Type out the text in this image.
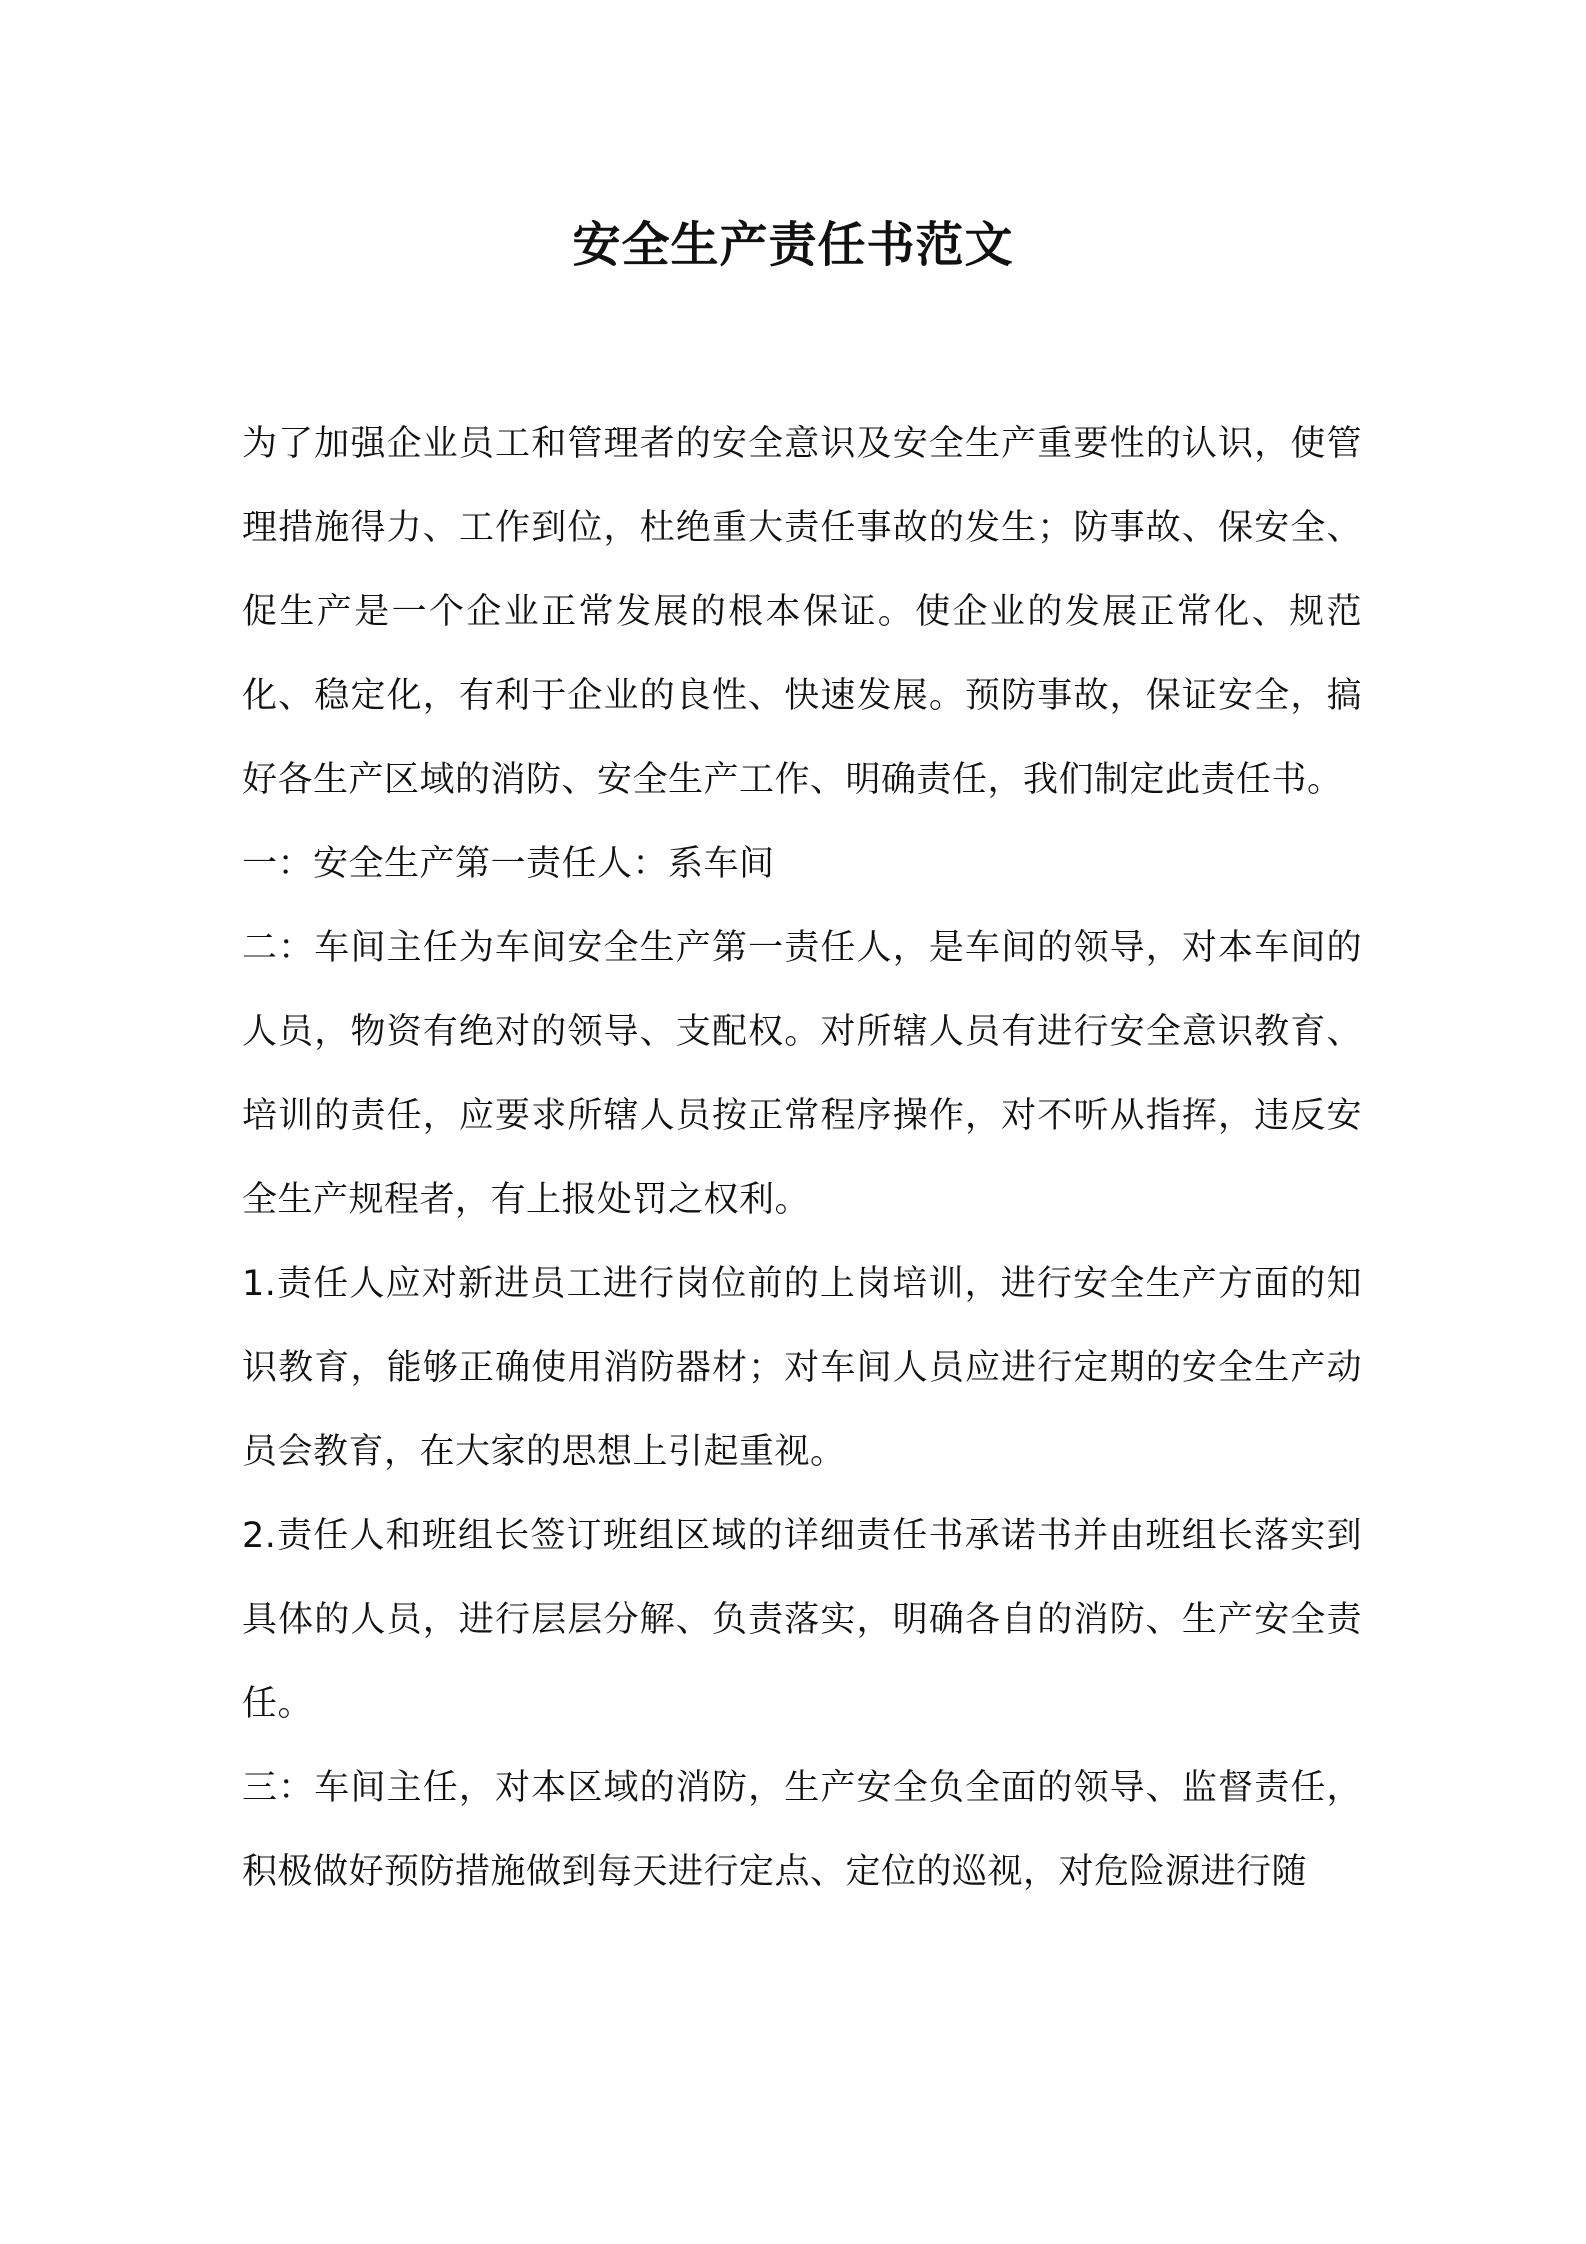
安全生产责任书范文

为了加强企业员工和管理者的安全意识及安全生产重要性的认识，使管理措施得力、工作到位，杜绝重大责任事故的发生；防事故、保安全、促生产是一个企业正常发展的根本保证。使企业的发展正常化、规范化、稳定化，有利于企业的良性、快速发展。预防事故，保证安全，搞好各生产区域的消防、安全生产工作、明确责任，我们制定此责任书。

一：安全生产第一责任人：系车间

二：车间主任为车间安全生产第一责任人，是车间的领导，对本车间的人员，物资有绝对的领导、支配权。对所辖人员有进行安全意识教育、培训的责任，应要求所辖人员按正常程序操作，对不听从指挥，违反安全生产规程者，有上报处罚之权利。

1.责任人应对新进员工进行岗位前的上岗培训，进行安全生产方面的知识教育，能够正确使用消防器材；对车间人员应进行定期的安全生产动员会教育，在大家的思想上引起重视。

2.责任人和班组长签订班组区域的详细责任书承诺书并由班组长落实到具体的人员，进行层层分解、负责落实，明确各自的消防、生产安全责任。

三：车间主任，对本区域的消防，生产安全负全面的领导、监督责任，积极做好预防措施做到每天进行定点、定位的巡视，对危险源进行随
